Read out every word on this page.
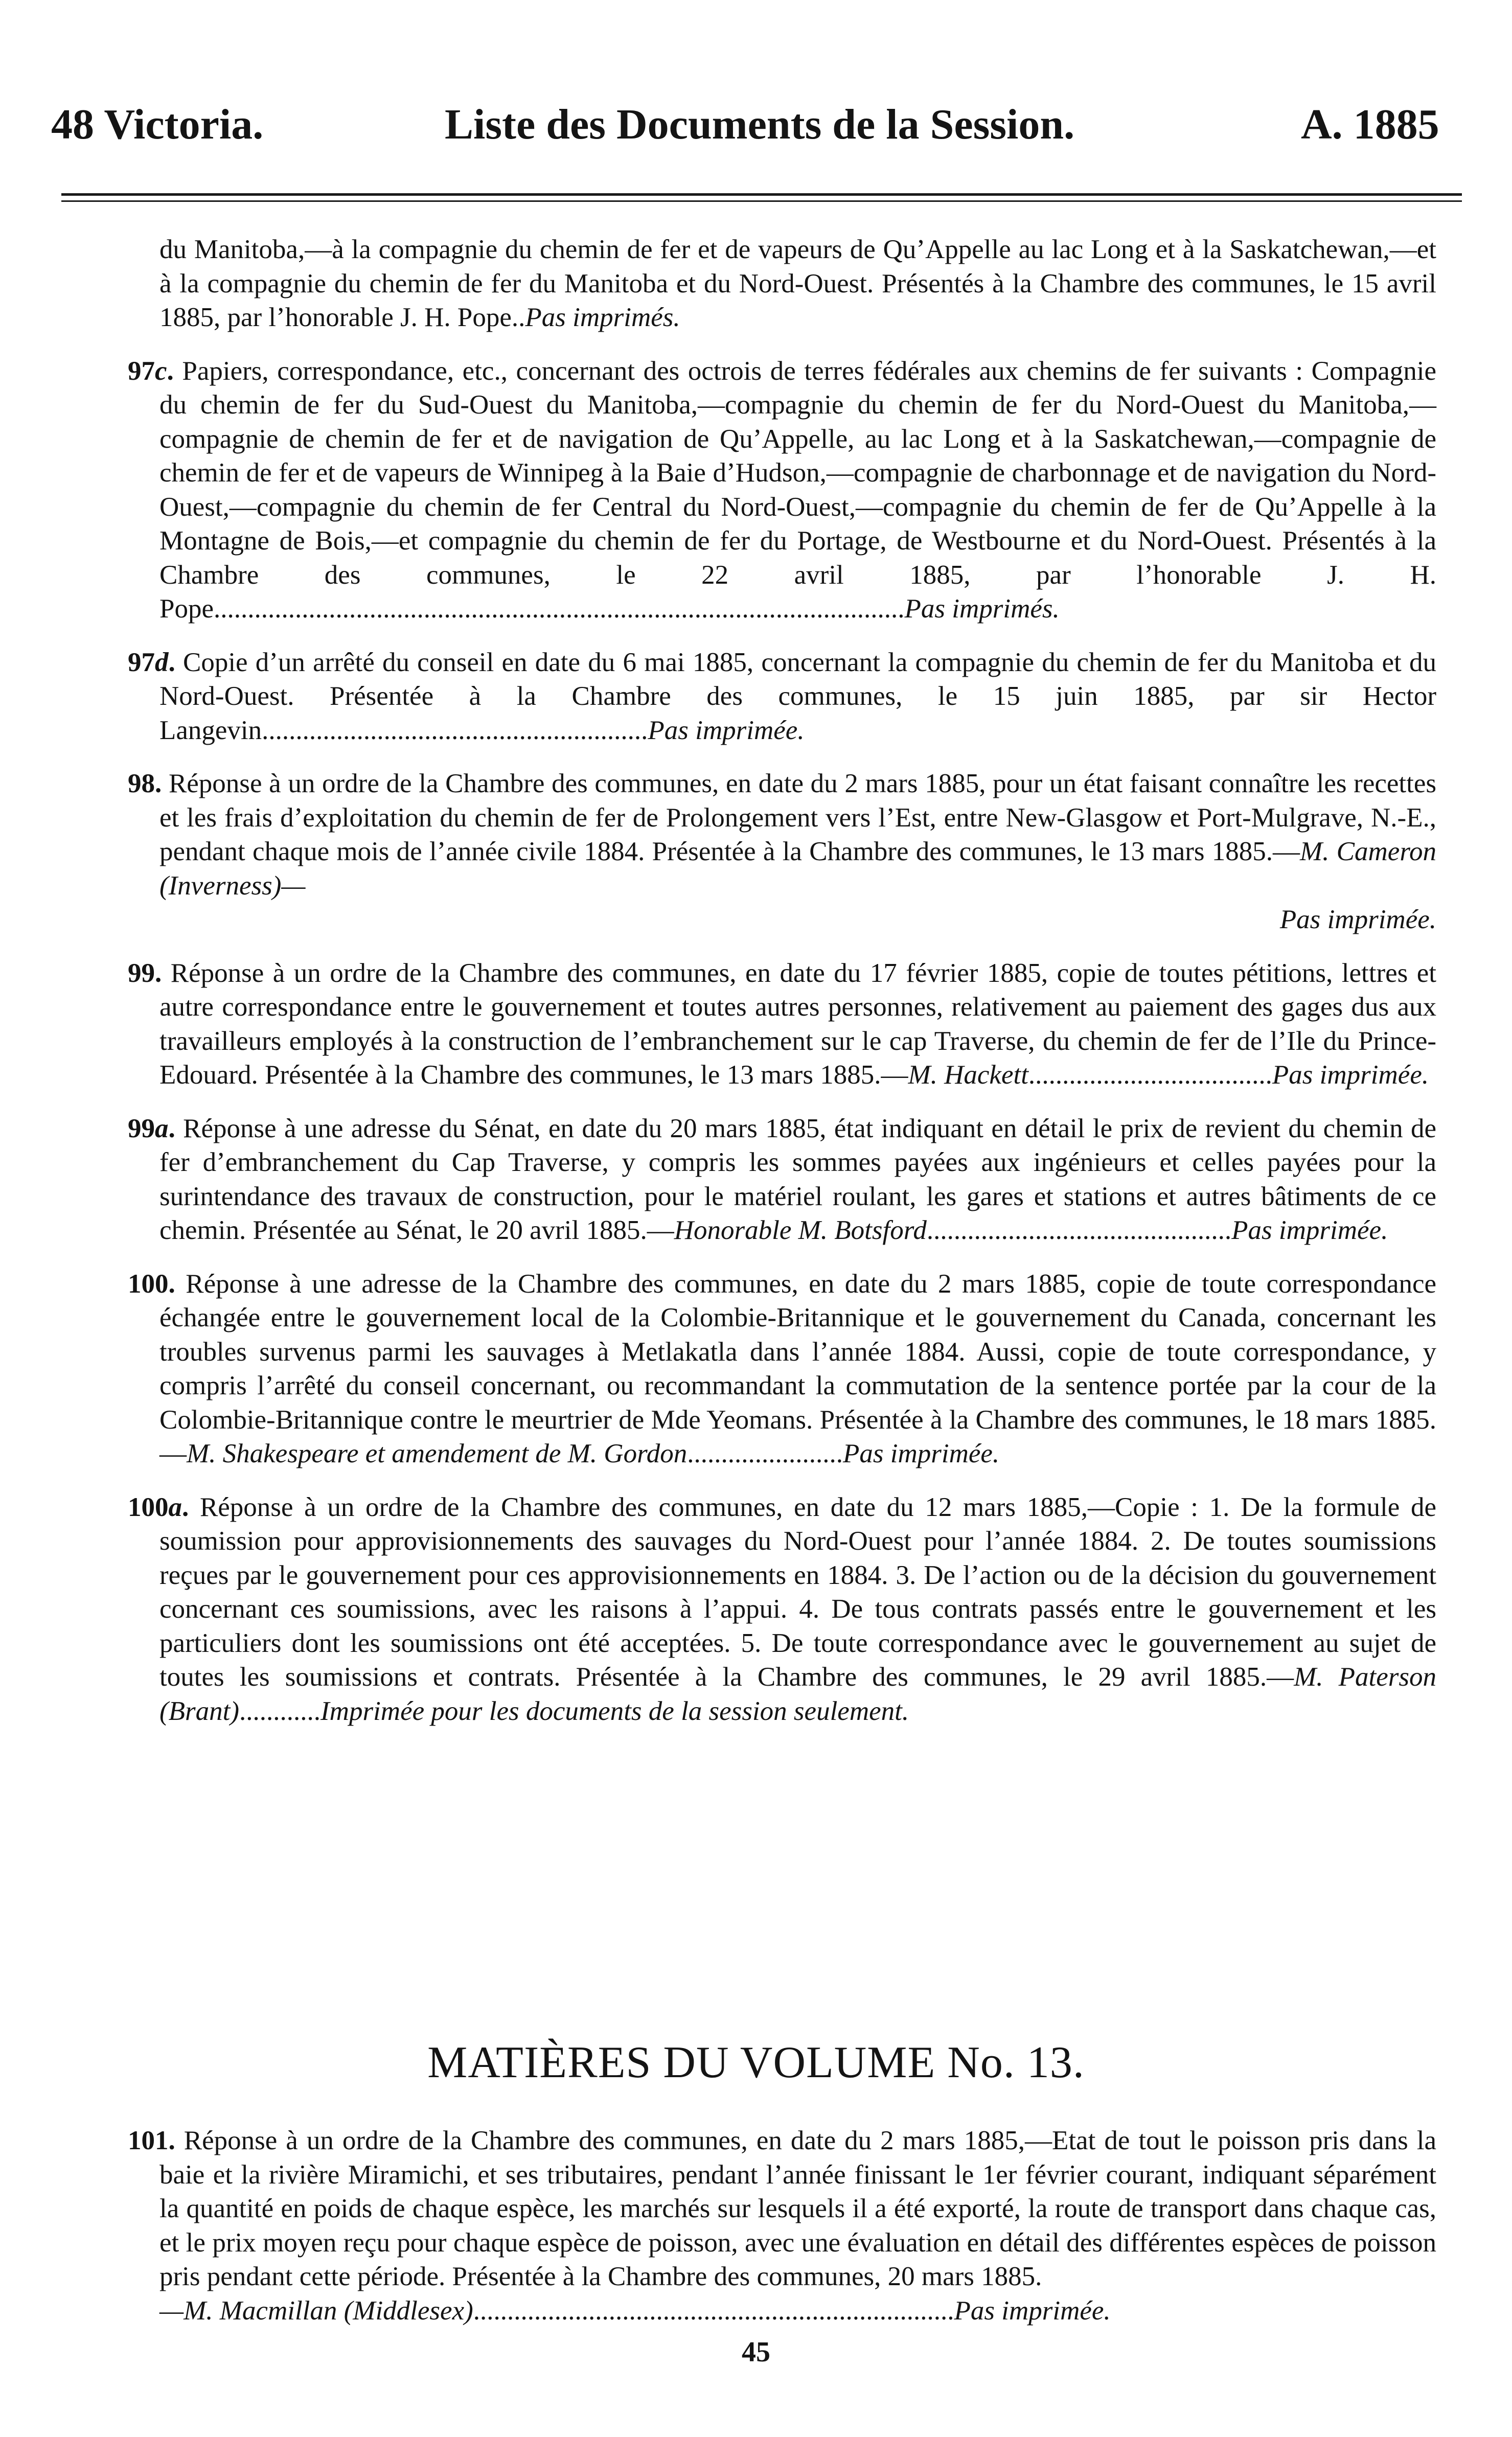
48 Victoria.	Liste des Documents de la Session.	A. 1885

du Manitoba,—à la compagnie du chemin de fer et de vapeurs de Qu’Appelle au lac Long et à la Saskatchewan,—et à la compagnie du chemin de fer du Manitoba et du Nord-Ouest. Présentés à la Chambre des communes, le 15 avril 1885, par l’honorable J. H. Pope..Pas imprimés.

97c. Papiers, correspondance, etc., concernant des octrois de terres fédérales aux chemins de fer suivants : Compagnie du chemin de fer du Sud-Ouest du Manitoba,—compagnie du chemin de fer du Nord-Ouest du Manitoba,—compagnie de chemin de fer et de navigation de Qu’Appelle, au lac Long et à la Saskatchewan,—compagnie de chemin de fer et de vapeurs de Winnipeg à la Baie d’Hudson,—compagnie de charbonnage et de navigation du Nord-Ouest,—compagnie du chemin de fer Central du Nord-Ouest,—compagnie du chemin de fer de Qu’Appelle à la Montagne de Bois,—et compagnie du chemin de fer du Portage, de Westbourne et du Nord-Ouest. Présentés à la Chambre des communes, le 22 avril 1885, par l’honorable J. H. Pope......................................................................................................Pas imprimés.

97d. Copie d’un arrêté du conseil en date du 6 mai 1885, concernant la compagnie du chemin de fer du Manitoba et du Nord-Ouest. Présentée à la Chambre des communes, le 15 juin 1885, par sir Hector Langevin.........................................................Pas imprimée.

98. Réponse à un ordre de la Chambre des communes, en date du 2 mars 1885, pour un état faisant connaître les recettes et les frais d’exploitation du chemin de fer de Prolongement vers l’Est, entre New-Glasgow et Port-Mulgrave, N.-E., pendant chaque mois de l’année civile 1884. Présentée à la Chambre des communes, le 13 mars 1885.—M. Cameron (Inverness)—
Pas imprimée.

99. Réponse à un ordre de la Chambre des communes, en date du 17 février 1885, copie de toutes pétitions, lettres et autre correspondance entre le gouvernement et toutes autres personnes, relativement au paiement des gages dus aux travailleurs employés à la construction de l’embranchement sur le cap Traverse, du chemin de fer de l’Ile du Prince-Edouard. Présentée à la Chambre des communes, le 13 mars 1885.—M. Hackett....................................Pas imprimée.

99a. Réponse à une adresse du Sénat, en date du 20 mars 1885, état indiquant en détail le prix de revient du chemin de fer d’embranchement du Cap Traverse, y compris les sommes payées aux ingénieurs et celles payées pour la surintendance des travaux de construction, pour le matériel roulant, les gares et stations et autres bâtiments de ce chemin. Présentée au Sénat, le 20 avril 1885.—Honorable M. Botsford.............................................Pas imprimée.

100. Réponse à une adresse de la Chambre des communes, en date du 2 mars 1885, copie de toute correspondance échangée entre le gouvernement local de la Colombie-Britannique et le gouvernement du Canada, concernant les troubles survenus parmi les sauvages à Metlakatla dans l’année 1884. Aussi, copie de toute correspondance, y compris l’arrêté du conseil concernant, ou recommandant la commutation de la sentence portée par la cour de la Colombie-Britannique contre le meurtrier de Mde Yeomans. Présentée à la Chambre des communes, le 18 mars 1885.—M. Shakespeare et amendement de M. Gordon.......................Pas imprimée.

100a. Réponse à un ordre de la Chambre des communes, en date du 12 mars 1885,—Copie : 1. De la formule de soumission pour approvisionnements des sauvages du Nord-Ouest pour l’année 1884. 2. De toutes soumissions reçues par le gouvernement pour ces approvisionnements en 1884. 3. De l’action ou de la décision du gouvernement concernant ces soumissions, avec les raisons à l’appui. 4. De tous contrats passés entre le gouvernement et les particuliers dont les soumissions ont été acceptées. 5. De toute correspondance avec le gouvernement au sujet de toutes les soumissions et contrats. Présentée à la Chambre des communes, le 29 avril 1885.—M. Paterson (Brant)............Imprimée pour les documents de la session seulement.

MATIÈRES DU VOLUME No. 13.

101. Réponse à un ordre de la Chambre des communes, en date du 2 mars 1885,—Etat de tout le poisson pris dans la baie et la rivière Miramichi, et ses tributaires, pendant l’année finissant le 1er février courant, indiquant séparément la quantité en poids de chaque espèce, les marchés sur lesquels il a été exporté, la route de transport dans chaque cas, et le prix moyen reçu pour chaque espèce de poisson, avec une évaluation en détail des différentes espèces de poisson pris pendant cette période. Présentée à la Chambre des communes, 20 mars 1885.
—M. Macmillan (Middlesex).......................................................................Pas imprimée.

45
